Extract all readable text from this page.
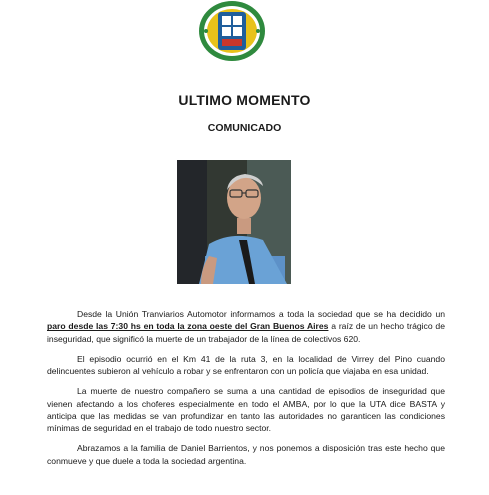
ULTIMO MOMENTO
COMUNICADO

Desde la Unión Tranviarios Automotor informamos a toda la sociedad que se ha decidido un paro desde las 7:30 hs en toda la zona oeste del Gran Buenos Aires a raíz de un hecho trágico de inseguridad, que significó la muerte de un trabajador de la línea de colectivos 620.

El episodio ocurrió en el Km 41 de la ruta 3, en la localidad de Virrey del Pino cuando delincuentes subieron al vehículo a robar y se enfrentaron con un policía que viajaba en esa unidad.

La muerte de nuestro compañero se suma a una cantidad de episodios de inseguridad que vienen afectando a los choferes especialmente en todo el AMBA, por lo que la UTA dice BASTA y anticipa que las medidas se van profundizar en tanto las autoridades no garanticen las condiciones mínimas de seguridad en el trabajo de todo nuestro sector.

Abrazamos a la familia de Daniel Barrientos, y nos ponemos a disposición tras este hecho que conmueve y que duele a toda la sociedad argentina.
